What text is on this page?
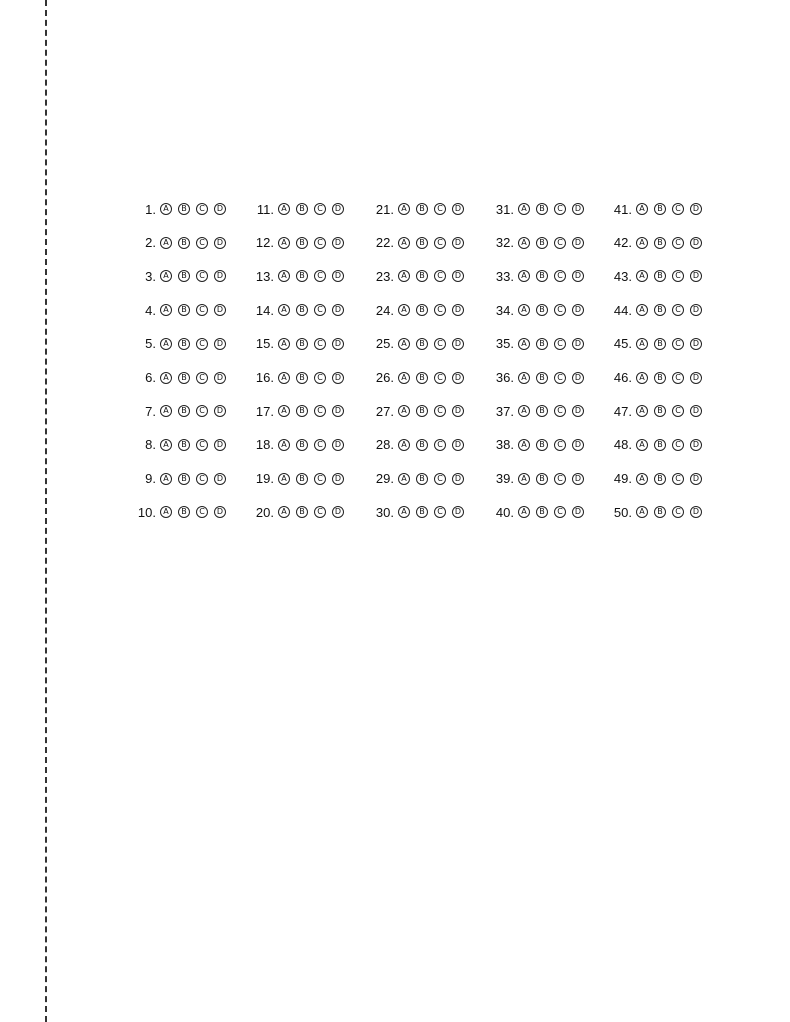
1. A	B	C	D
2. A	B	C	D
3. A	B	C	D
4. A	B	C	D
5. A	B	C	D
6. A	B	C	D
7. A	B	C	D
8. A	B	C	D
9. A	B	C	D
10. A	B	C	D
11. A	B	C	D
12. A	B	C	D
13. A	B	C	D
14. A	B	C	D
15. A	B	C	D
16. A	B	C	D
17. A	B	C	D
18. A	B	C	D
19. A	B	C	D
20. A	B	C	D
21. A	B	C	D
22. A	B	C	D
23. A	B	C	D
24. A	B	C	D
25. A	B	C	D
26. A	B	C	D
27. A	B	C	D
28. A	B	C	D
29. A	B	C	D
30. A	B	C	D
31. A	B	C	D
32. A	B	C	D
33. A	B	C	D
34. A	B	C	D
35. A	B	C	D
36. A	B	C	D
37. A	B	C	D
38. A	B	C	D
39. A	B	C	D
40. A	B	C	D
41. A	B	C	D
42. A	B	C	D
43. A	B	C	D
44. A	B	C	D
45. A	B	C	D
46. A	B	C	D
47. A	B	C	D
48. A	B	C	D
49. A	B	C	D
50. A	B	C	D
